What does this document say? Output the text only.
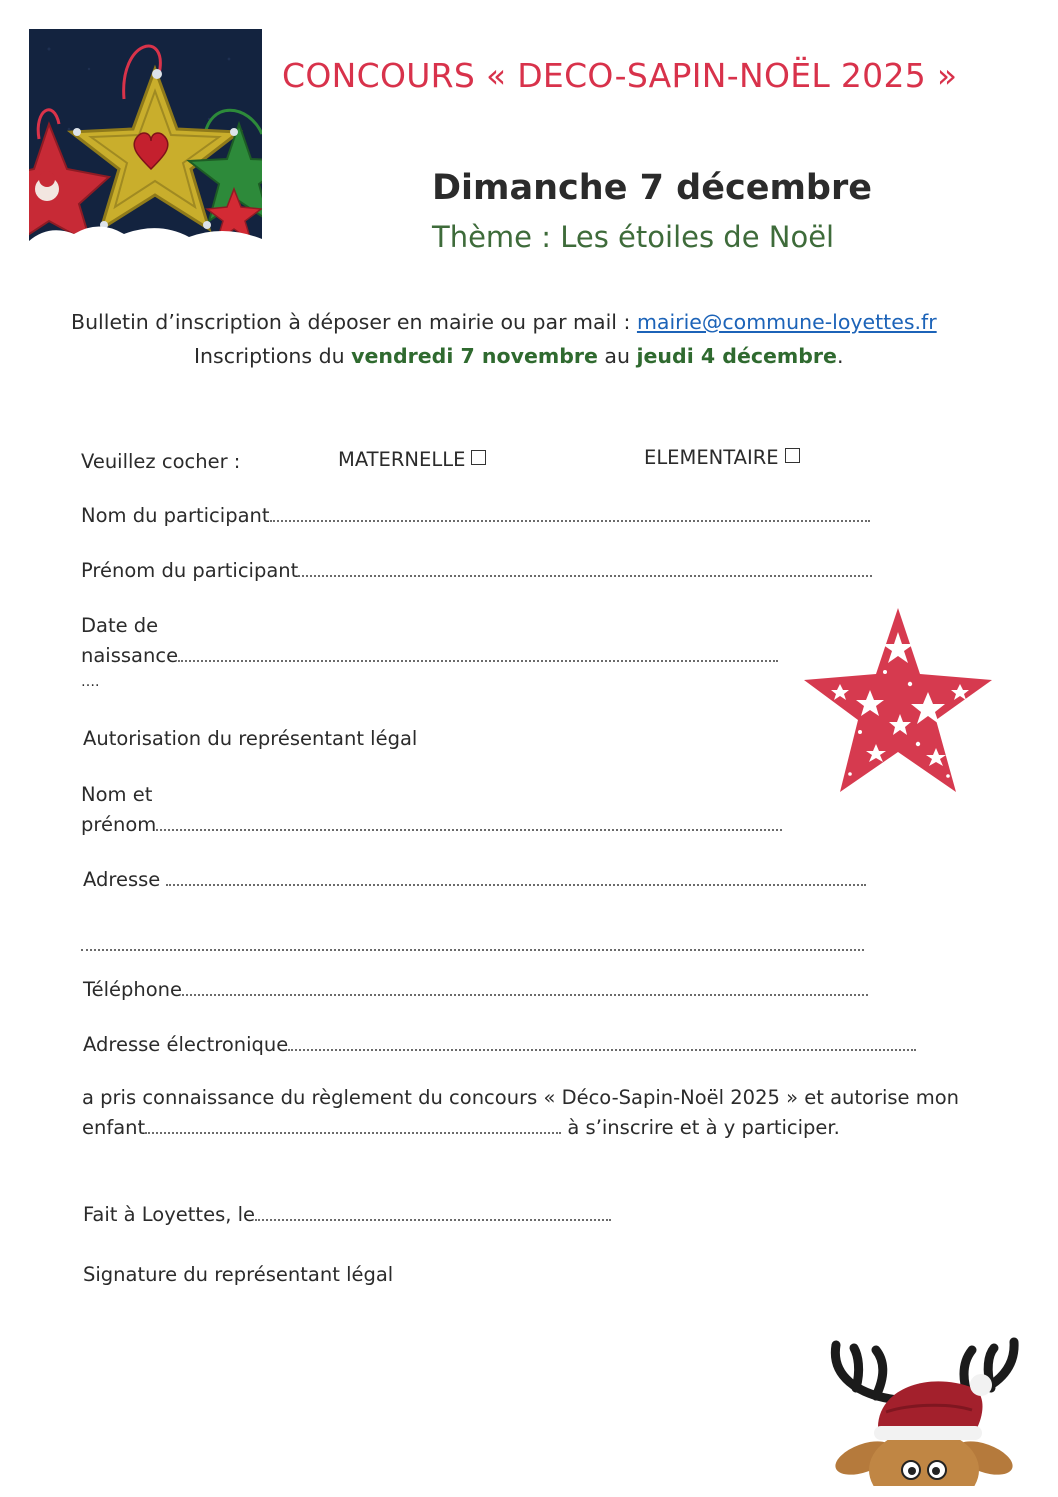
CONCOURS « DECO-SAPIN-NOËL 2025 »
Dimanche 7 décembre
Thème : Les étoiles de Noël
Bulletin d’inscription à déposer en mairie ou par mail : mairie@commune-loyettes.fr
Inscriptions du vendredi 7 novembre au jeudi 4 décembre.
Veuillez cocher :	MATERNELLE	ELEMENTAIRE
Nom du participant
Prénom du participant
Date de
naissance
….
Autorisation du représentant légal
Nom et
prénom
Adresse
Téléphone
Adresse électronique
a pris connaissance du règlement du concours « Déco-Sapin-Noël 2025 » et autorise mon
enfant	à s’inscrire et à y participer.
Fait à Loyettes, le
Signature du représentant légal
